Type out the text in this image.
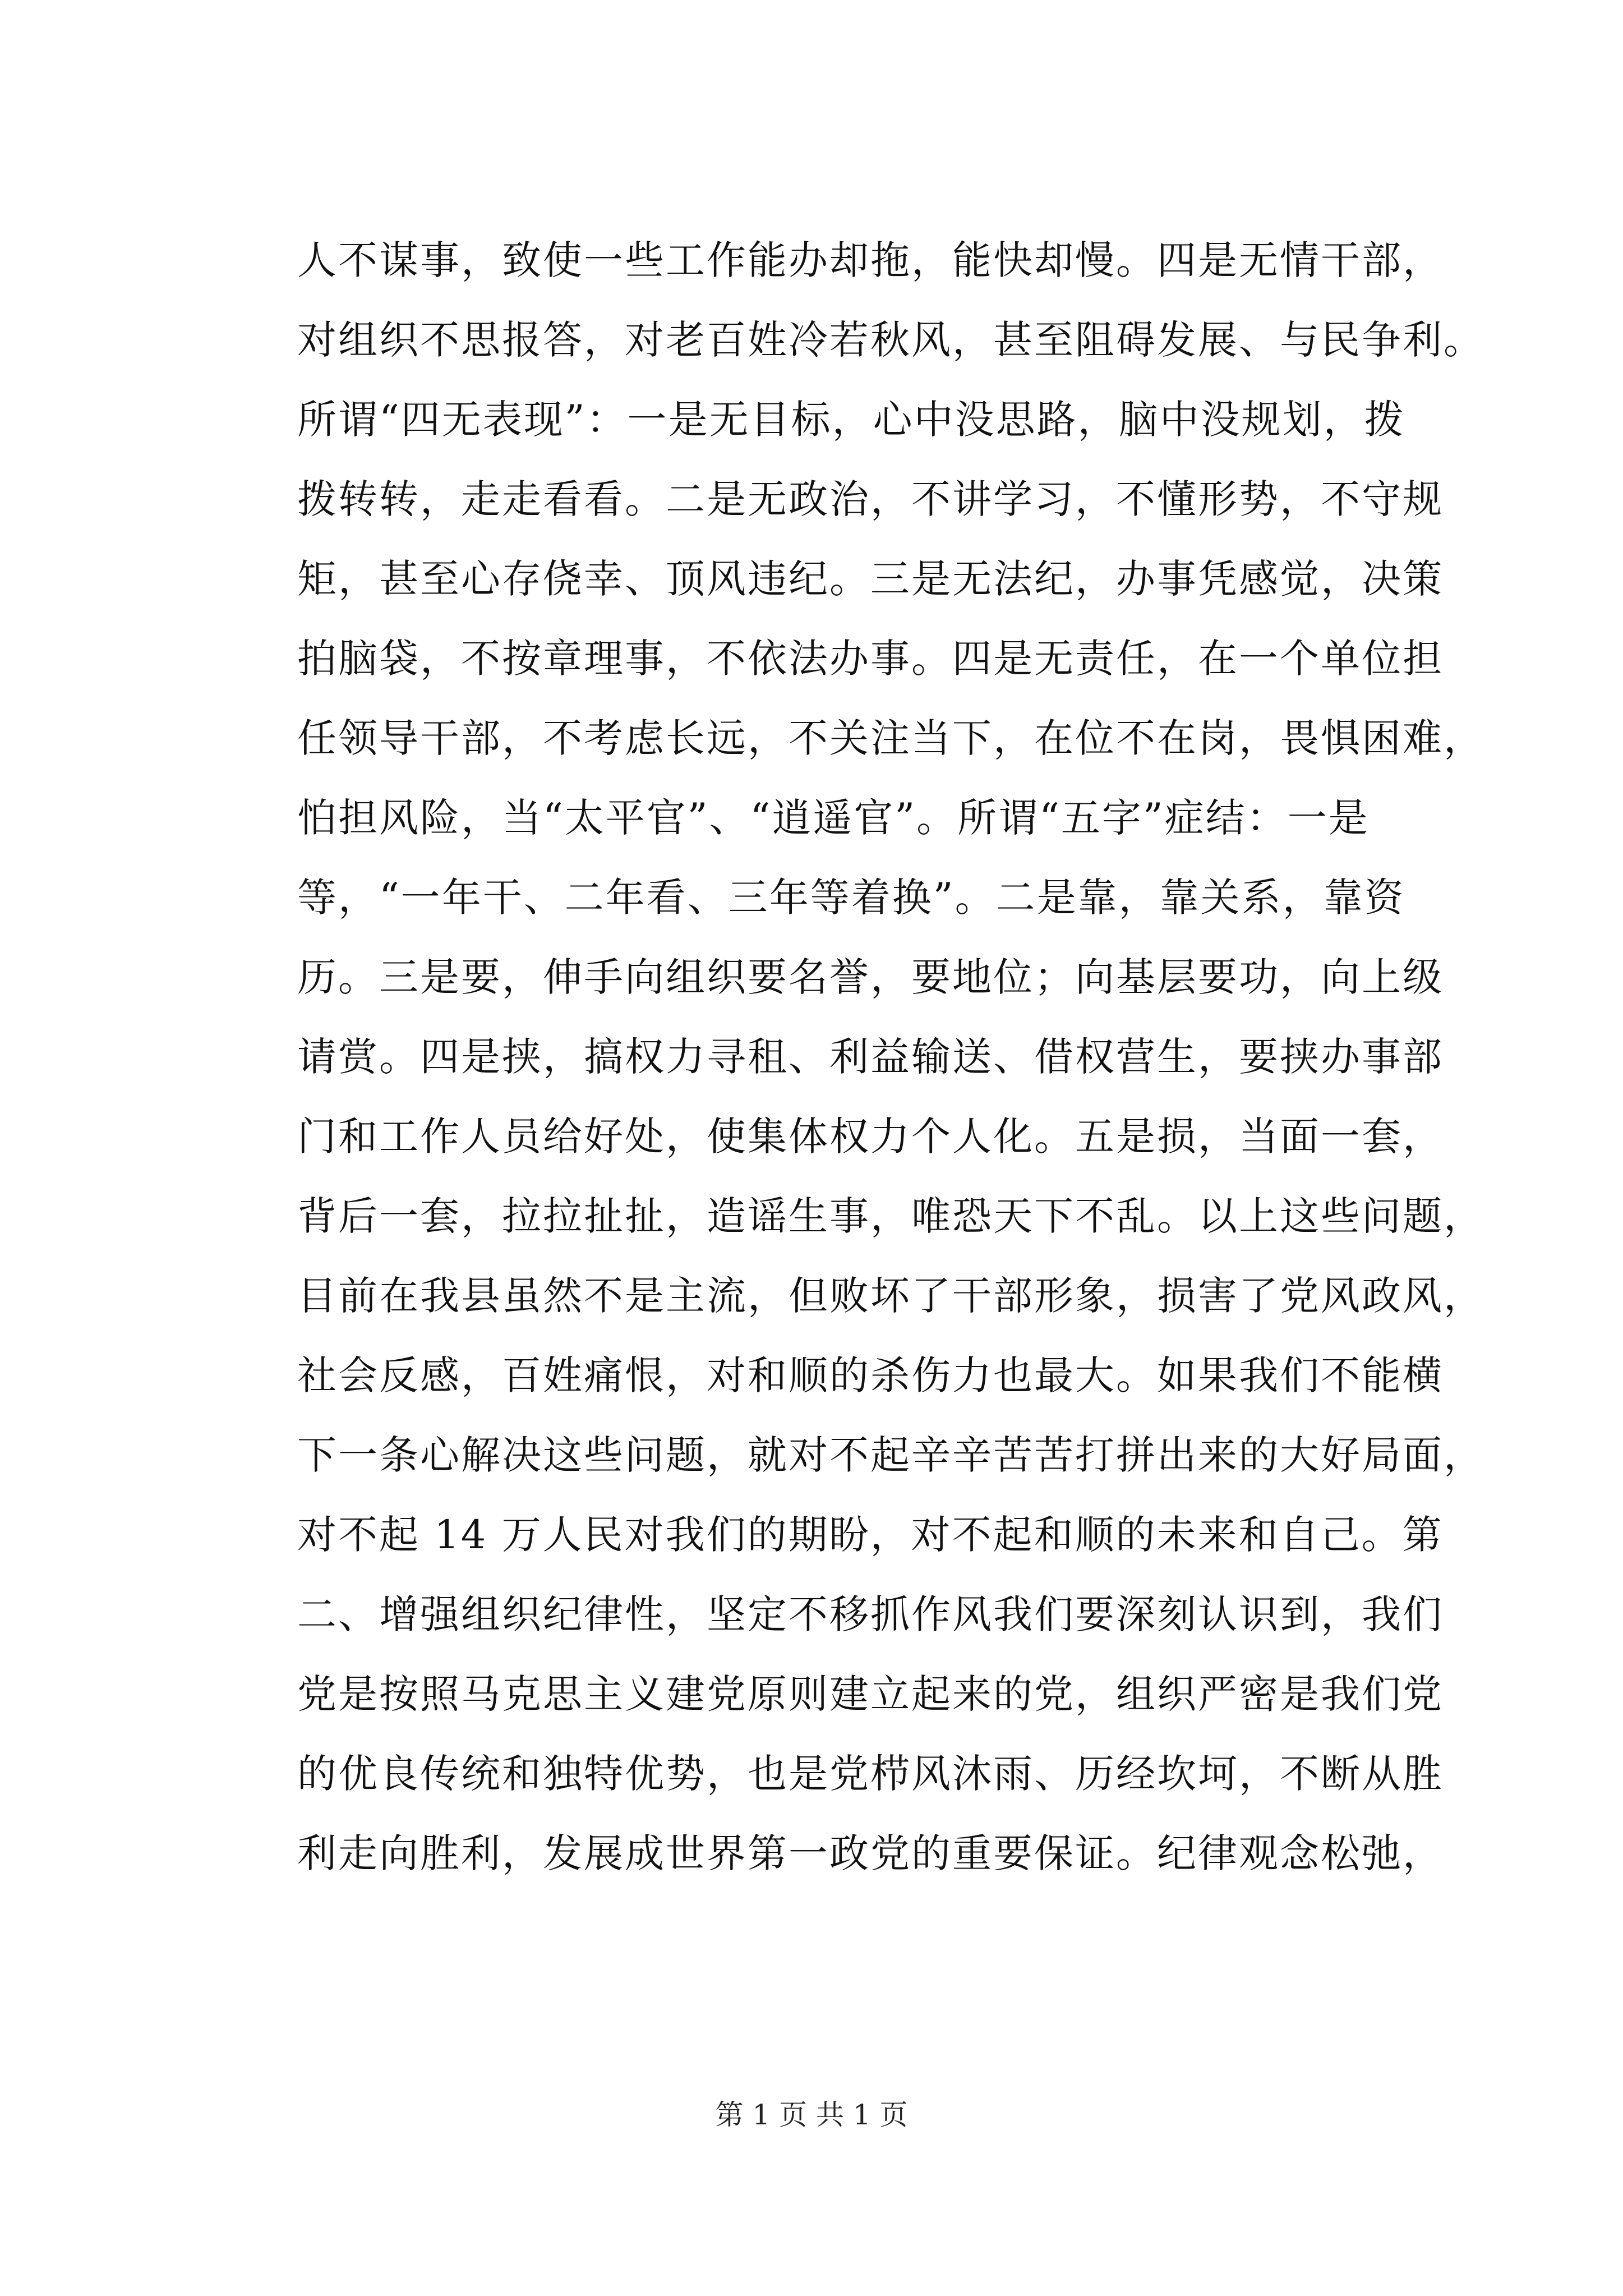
人不谋事，致使一些工作能办却拖，能快却慢。四是无情干部，
对组织不思报答，对老百姓冷若秋风，甚至阻碍发展、与民争利。
所谓“四无表现”：一是无目标，心中没思路，脑中没规划，拨
拨转转，走走看看。二是无政治，不讲学习，不懂形势，不守规
矩，甚至心存侥幸、顶风违纪。三是无法纪，办事凭感觉，决策
拍脑袋，不按章理事，不依法办事。四是无责任，在一个单位担
任领导干部，不考虑长远，不关注当下，在位不在岗，畏惧困难，
怕担风险，当“太平官”、“逍遥官”。所谓“五字”症结：一是
等，“一年干、二年看、三年等着换”。二是靠，靠关系，靠资
历。三是要，伸手向组织要名誉，要地位；向基层要功，向上级
请赏。四是挟，搞权力寻租、利益输送、借权营生，要挟办事部
门和工作人员给好处，使集体权力个人化。五是损，当面一套，
背后一套，拉拉扯扯，造谣生事，唯恐天下不乱。以上这些问题，
目前在我县虽然不是主流，但败坏了干部形象，损害了党风政风，
社会反感，百姓痛恨，对和顺的杀伤力也最大。如果我们不能横
下一条心解决这些问题，就对不起辛辛苦苦打拼出来的大好局面，
对不起 14 万人民对我们的期盼，对不起和顺的未来和自己。第
二、增强组织纪律性，坚定不移抓作风我们要深刻认识到，我们
党是按照马克思主义建党原则建立起来的党，组织严密是我们党
的优良传统和独特优势，也是党栉风沐雨、历经坎坷，不断从胜
利走向胜利，发展成世界第一政党的重要保证。纪律观念松弛，
第 1 页 共 1 页
